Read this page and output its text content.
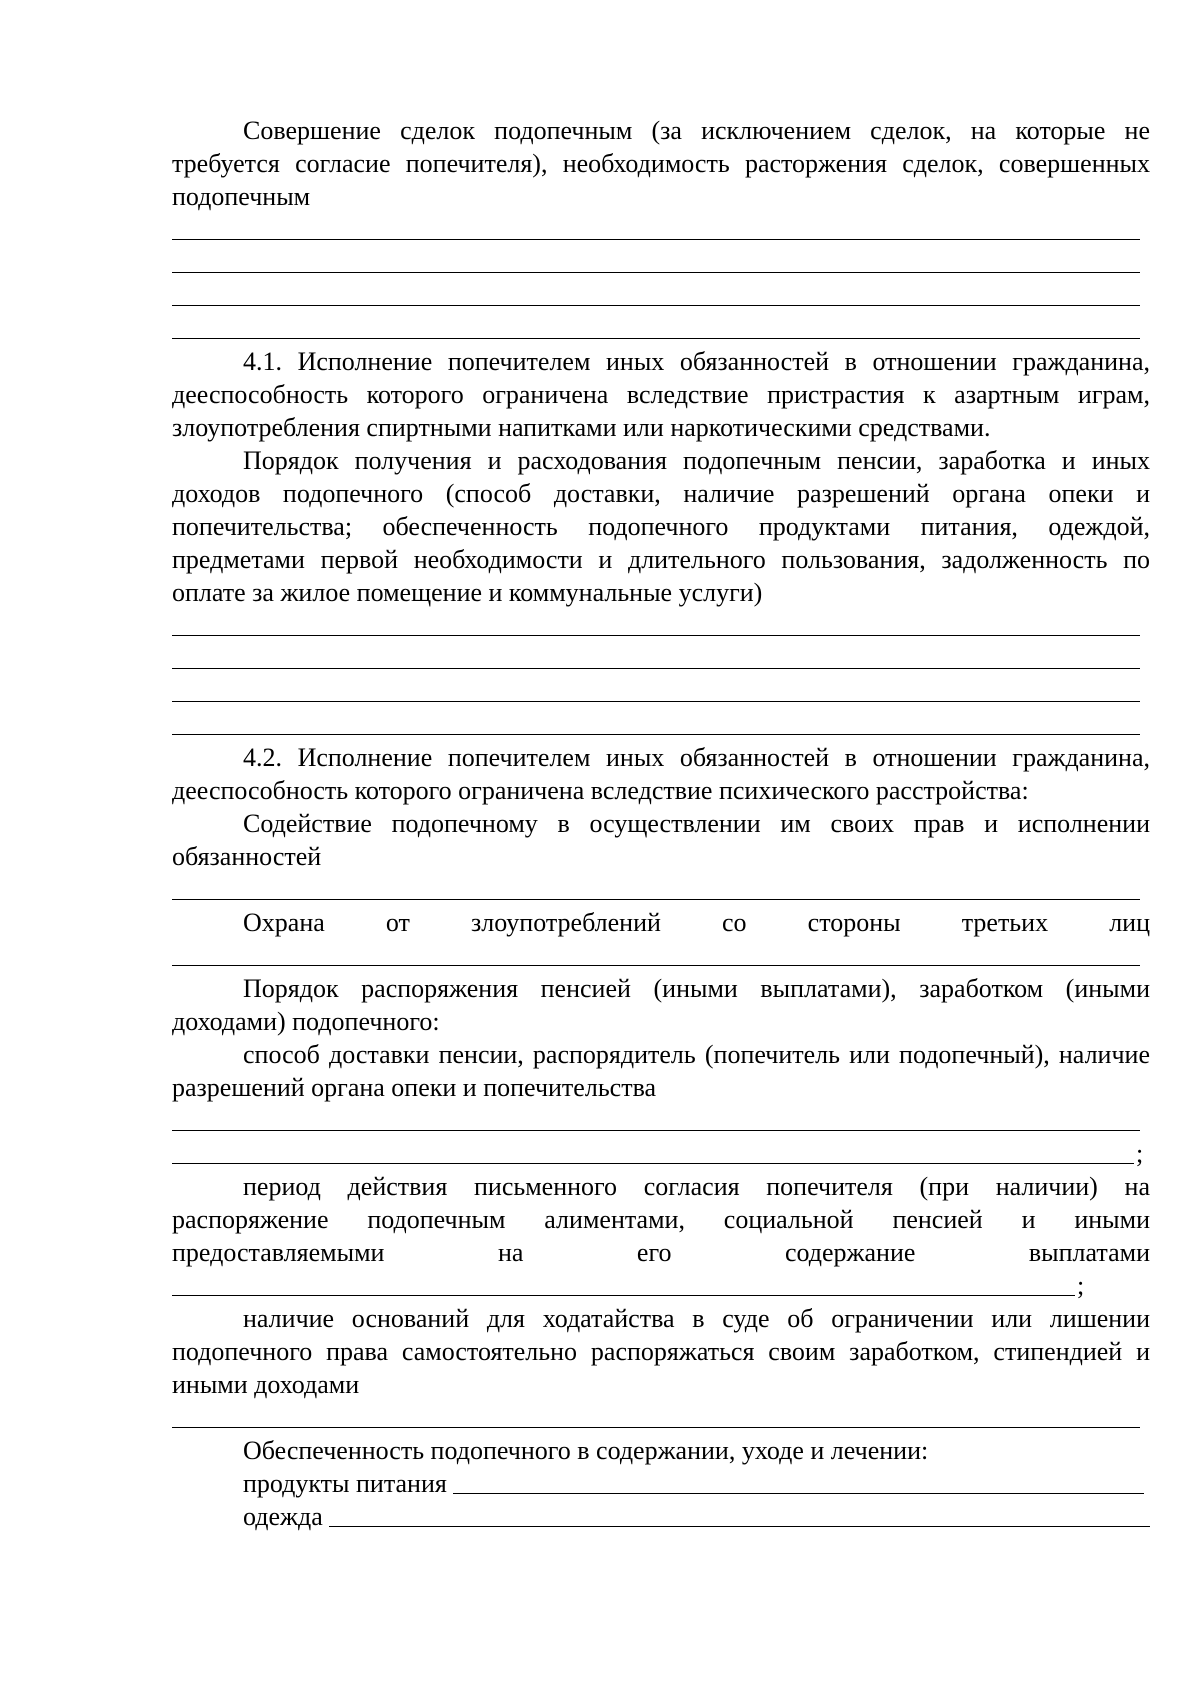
Совершение сделок подопечным (за исключением сделок, на которые не требуется согласие попечителя), необходимость расторжения сделок, совершенных подопечным

4.1. Исполнение попечителем иных обязанностей в отношении гражданина, дееспособность которого ограничена вследствие пристрастия к азартным играм, злоупотребления спиртными напитками или наркотическими средствами.

Порядок получения и расходования подопечным пенсии, заработка и иных доходов подопечного (способ доставки, наличие разрешений органа опеки и попечительства; обеспеченность подопечного продуктами питания, одеждой, предметами первой необходимости и длительного пользования, задолженность по оплате за жилое помещение и коммунальные услуги)

4.2. Исполнение попечителем иных обязанностей в отношении гражданина, дееспособность которого ограничена вследствие психического расстройства:

Содействие подопечному в осуществлении им своих прав и исполнении обязанностей

Охрана от злоупотреблений со стороны третьих лиц

Порядок распоряжения пенсией (иными выплатами), заработком (иными доходами) подопечного:

способ доставки пенсии, распорядитель (попечитель или подопечный), наличие разрешений органа опеки и попечительства

;

период действия письменного согласия попечителя (при наличии) на распоряжение подопечным алиментами, социальной пенсией и иными предоставляемыми на его содержание выплатами

;

наличие оснований для ходатайства в суде об ограничении или лишении подопечного права самостоятельно распоряжаться своим заработком, стипендией и иными доходами

Обеспеченность подопечного в содержании, уходе и лечении:

продукты питания
одежда
